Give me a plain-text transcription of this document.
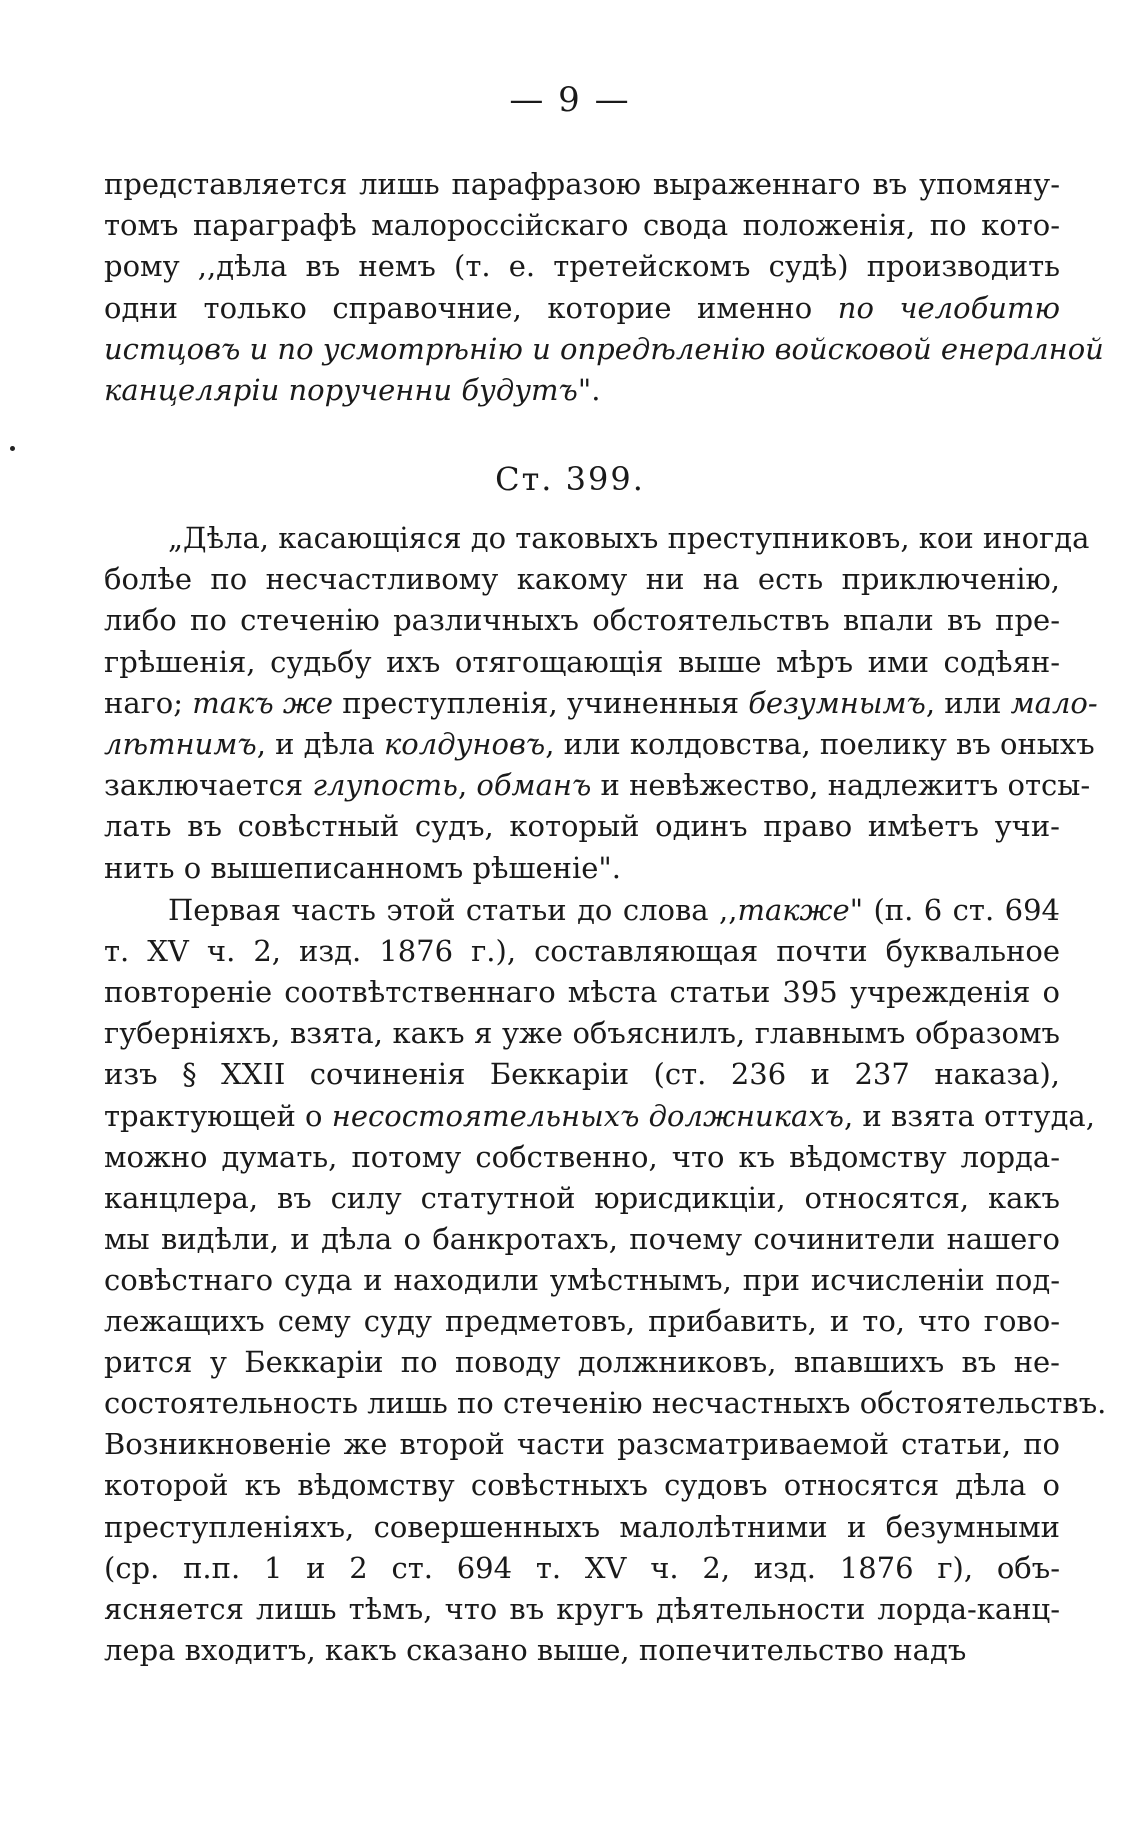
— 9 —
представляется лишь парафразою выраженнаго въ упомяну-
томъ параграфѣ малороссійскаго свода положенія, по кото-
рому ,,дѣла въ немъ (т. е. третейскомъ судѣ) производить
одни только справочние, которие именно по челобитю
истцовъ и по усмотрѣнію и опредѣленію войсковой енералной
канцеляріи порученни будутъ".
Ст. 399.
„Дѣла, касающіяся до таковыхъ преступниковъ, кои иногда
болѣе по несчастливому какому ни на есть приключенію,
либо по стеченію различныхъ обстоятельствъ впали въ пре-
грѣшенія, судьбу ихъ отягощающія выше мѣръ ими содѣян-
наго; такъ же преступленія, учиненныя безумнымъ, или мало-
лѣтнимъ, и дѣла колдуновъ, или колдовства, поелику въ оныхъ
заключается глупость, обманъ и невѣжество, надлежитъ отсы-
лать въ совѣстный судъ, который одинъ право имѣетъ учи-
нить о вышеписанномъ рѣшеніе".
Первая часть этой статьи до слова ,,также" (п. 6 ст. 694
т. XV ч. 2, изд. 1876 г.), составляющая почти буквальное
повтореніе соотвѣтственнаго мѣста статьи 395 учрежденія о
губерніяхъ, взята, какъ я уже объяснилъ, главнымъ образомъ
изъ § XXII сочиненія Беккаріи (ст. 236 и 237 наказа),
трактующей о несостоятельныхъ должникахъ, и взята оттуда,
можно думать, потому собственно, что къ вѣдомству лорда-
канцлера, въ силу статутной юрисдикціи, относятся, какъ
мы видѣли, и дѣла о банкротахъ, почему сочинители нашего
совѣстнаго суда и находили умѣстнымъ, при исчисленіи под-
лежащихъ сему суду предметовъ, прибавить, и то, что гово-
рится у Беккаріи по поводу должниковъ, впавшихъ въ не-
состоятельность лишь по стеченію несчастныхъ обстоятельствъ.
Возникновеніе же второй части разсматриваемой статьи, по
которой къ вѣдомству совѣстныхъ судовъ относятся дѣла о
преступленіяхъ, совершенныхъ малолѣтними и безумными
(ср. п.п. 1 и 2 ст. 694 т. XV ч. 2, изд. 1876 г), объ-
ясняется лишь тѣмъ, что въ кругъ дѣятельности лорда-канц-
лера входитъ, какъ сказано выше, попечительство надъ
